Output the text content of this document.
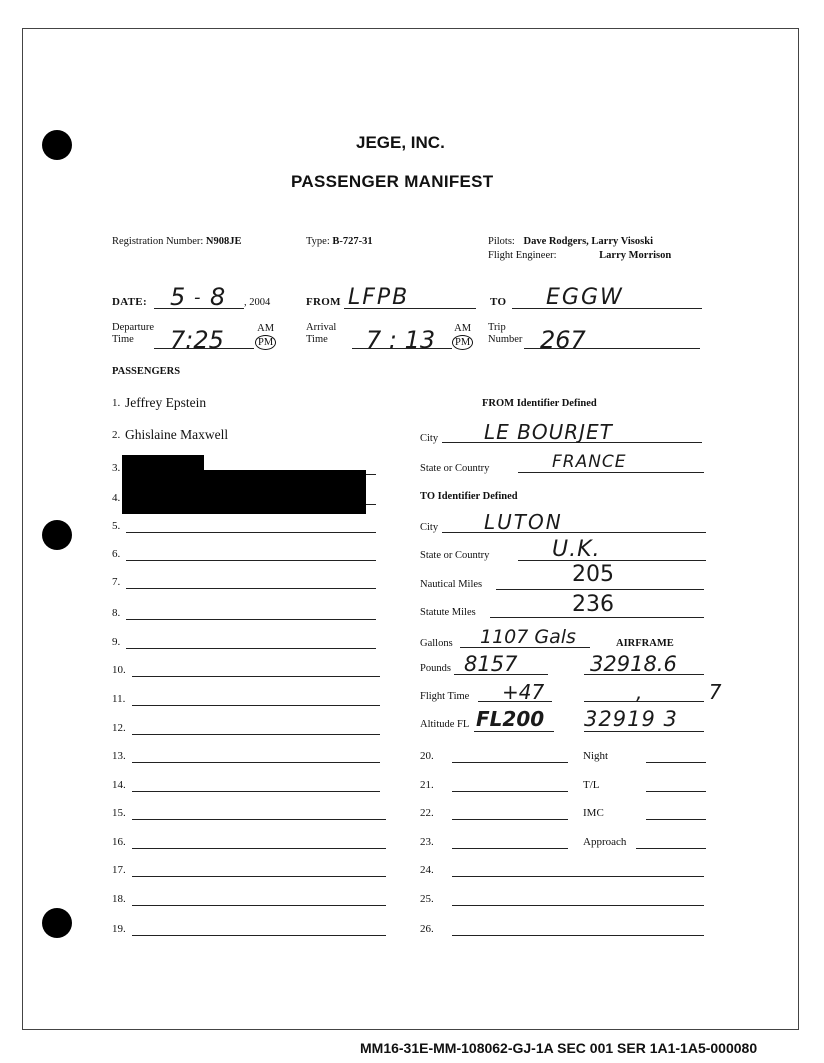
JEGE, INC.
PASSENGER MANIFEST
Registration Number: N908JE	Type: B-727-31	Pilots: Dave Rodgers, Larry Visoski
Flight Engineer:	Larry Morrison
DATE: 5 - 8 , 2004	FROM LFPB	TO EGGW
Departure
Time	7:25	AM
PM
Arrival
Time	7 : 13 AM
PM
Trip
Number 267
PASSENGERS
1. Jeffrey Epstein
2. Ghislaine Maxwell
3.
4.
5.
6.
7.
8.
9.
10.
11.
12.
13.
14.
15.
16.
17.
18.
19.
FROM Identifier Defined
City LE BOURJET
State or Country	FRANCE
TO Identifier Defined
City LUTON
State or Country	U.K.
Nautical Miles	205
Statute Miles	236
Gallons 1107 Gals	AIRFRAME
Pounds 8157	32918.6
Flight Time +47	, 7
Altitude FL FL200 32919 3
20.	Night
21.	T/L
22.	IMC
23.	Approach
24.
25.
26.
MM16-31E-MM-108062-GJ-1A SEC 001 SER 1A1-1A5-000080
